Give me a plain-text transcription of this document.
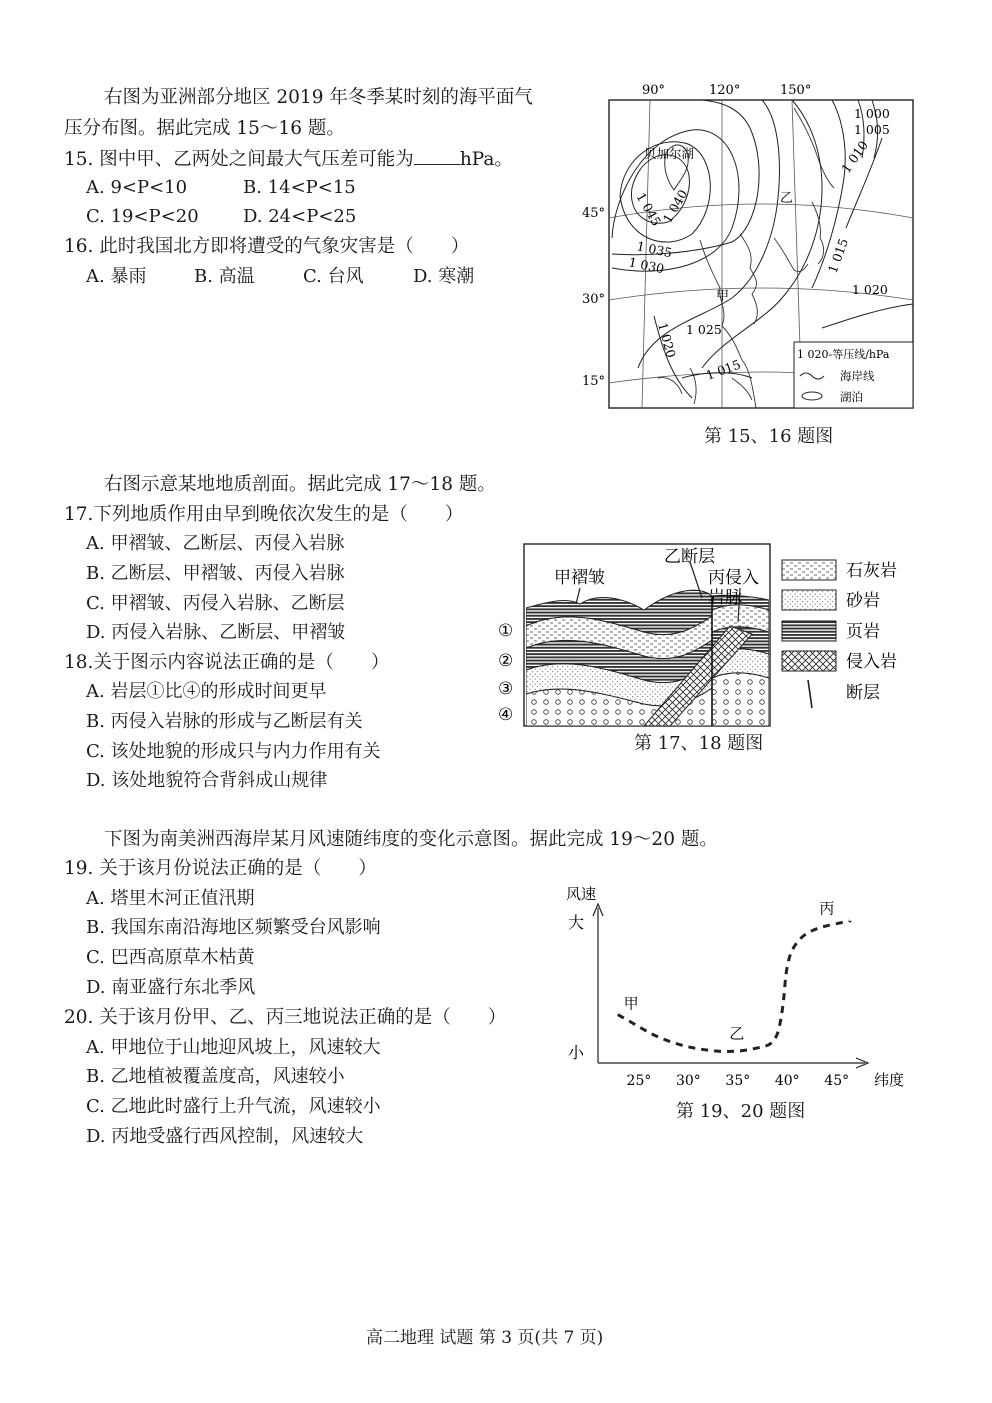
右图为亚洲部分地区 2019 年冬季某时刻的海平面气
压分布图。据此完成 15～16 题。
15. 图中甲、乙两处之间最大气压差可能为 hPa。
A. 9<P<10	B. 14<P<15
C. 19<P<20 D. 24<P<25
16. 此时我国北方即将遭受的气象灾害是（　　）
A. 暴雨	B. 高温	C. 台风	D. 寒潮
90°	120°	150°
45°
30°
15°
1 000
1 005
1 010
1 015
1 020
1 025
1 030
1 035
1 040
1 045
1 020
1 015
贝加尔湖
甲
乙
1 020-等压线/hPa
海岸线
湖泊
第 15、16 题图
右图示意某地地质剖面。据此完成 17～18 题。
17.下列地质作用由早到晚依次发生的是（　　）
A. 甲褶皱、乙断层、丙侵入岩脉
B. 乙断层、甲褶皱、丙侵入岩脉
C. 甲褶皱、丙侵入岩脉、乙断层
D. 丙侵入岩脉、乙断层、甲褶皱
18.关于图示内容说法正确的是（　　）
A. 岩层①比④的形成时间更早
B. 丙侵入岩脉的形成与乙断层有关
C. 该处地貌的形成只与内力作用有关
D. 该处地貌符合背斜成山规律
甲褶皱
乙断层
丙侵入
岩脉
①
②
③
④
石灰岩
砂岩
页岩
侵入岩
断层
第 17、18 题图
下图为南美洲西海岸某月风速随纬度的变化示意图。据此完成 19～20 题。
19. 关于该月份说法正确的是（　　）
A. 塔里木河正值汛期
B. 我国东南沿海地区频繁受台风影响
C. 巴西高原草木枯黄
D. 南亚盛行东北季风
20. 关于该月份甲、乙、丙三地说法正确的是（　　）
A. 甲地位于山地迎风坡上，风速较大
B. 乙地植被覆盖度高，风速较小
C. 乙地此时盛行上升气流，风速较小
D. 丙地受盛行西风控制，风速较大
风速
大
小
纬度
25° 30° 35° 40° 45°
甲
乙
丙
第 19、20 题图
高二地理 试题 第 3 页(共 7 页)
